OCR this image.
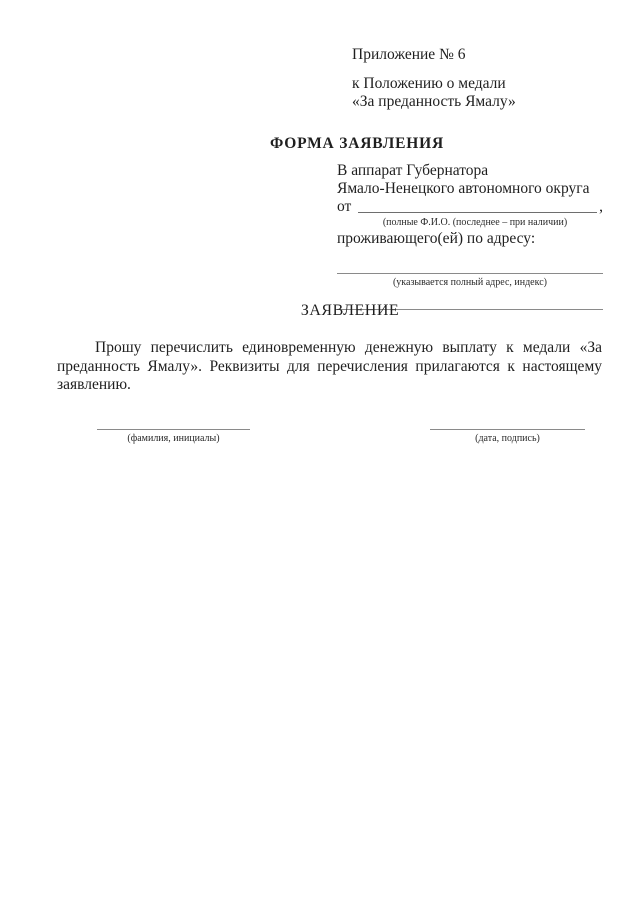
Приложение № 6
к Положению о медали
«За преданность Ямалу»
ФОРМА ЗАЯВЛЕНИЯ
В аппарат Губернатора
Ямало-Ненецкого автономного округа
от	,
(полные Ф.И.О. (последнее – при наличии)
проживающего(ей) по адресу:
(указывается полный адрес, индекс)
ЗАЯВЛЕНИЕ
Прошу перечислить единовременную денежную выплату к медали «За преданность Ямалу». Реквизиты для перечисления прилагаются к настоящему заявлению.
(фамилия, инициалы)	(дата, подпись)
